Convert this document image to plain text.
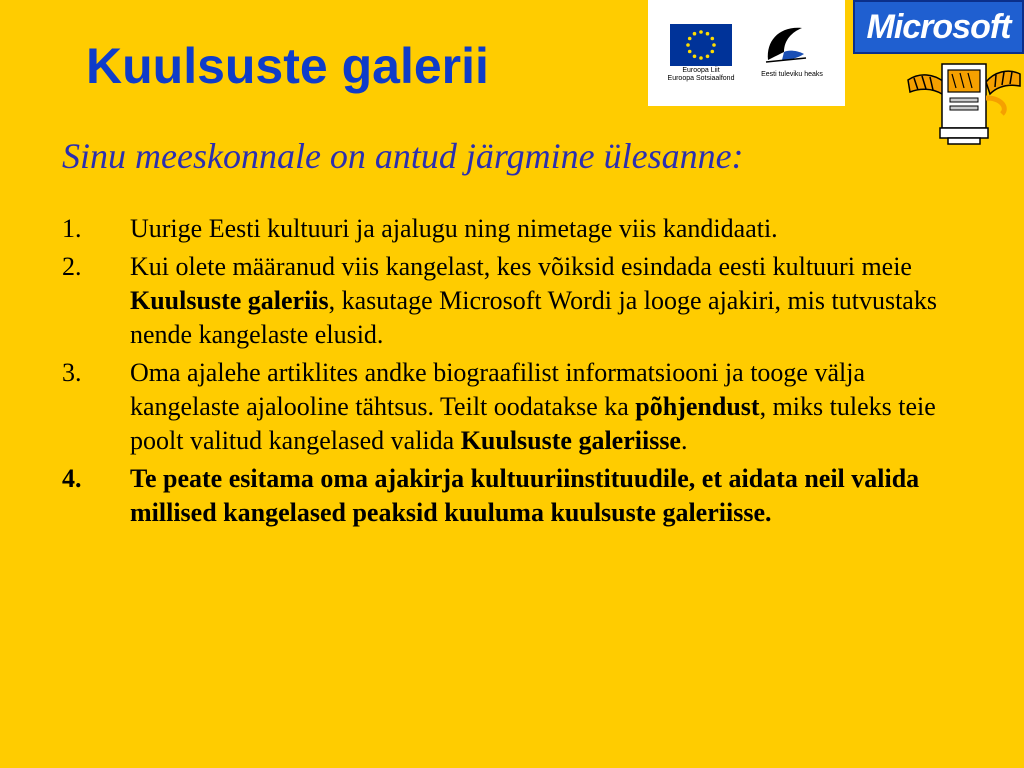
Kuulsuste galerii

Sinu meeskonnale on antud järgmine ülesanne:

Euroopa Liit
Euroopa Sotsiaalfond
Eesti tuleviku heaks
Microsoft
1. Uurige Eesti kultuuri ja ajalugu ning nimetage viis kandidaati.
2. Kui olete määranud viis kangelast, kes võiksid esindada eesti kultuuri meie Kuulsuste galeriis, kasutage Microsoft Wordi ja looge ajakiri, mis tutvustaks nende kangelaste elusid.
3. Oma ajalehe artiklites andke biograafilist informatsiooni ja tooge välja kangelaste ajalooline tähtsus. Teilt oodatakse ka põhjendust, miks tuleks teie poolt valitud kangelased valida Kuulsuste galeriisse.
4. Te peate esitama oma ajakirja kultuuriinstituudile, et aidata neil valida millised kangelased peaksid kuuluma kuulsuste galeriisse.
